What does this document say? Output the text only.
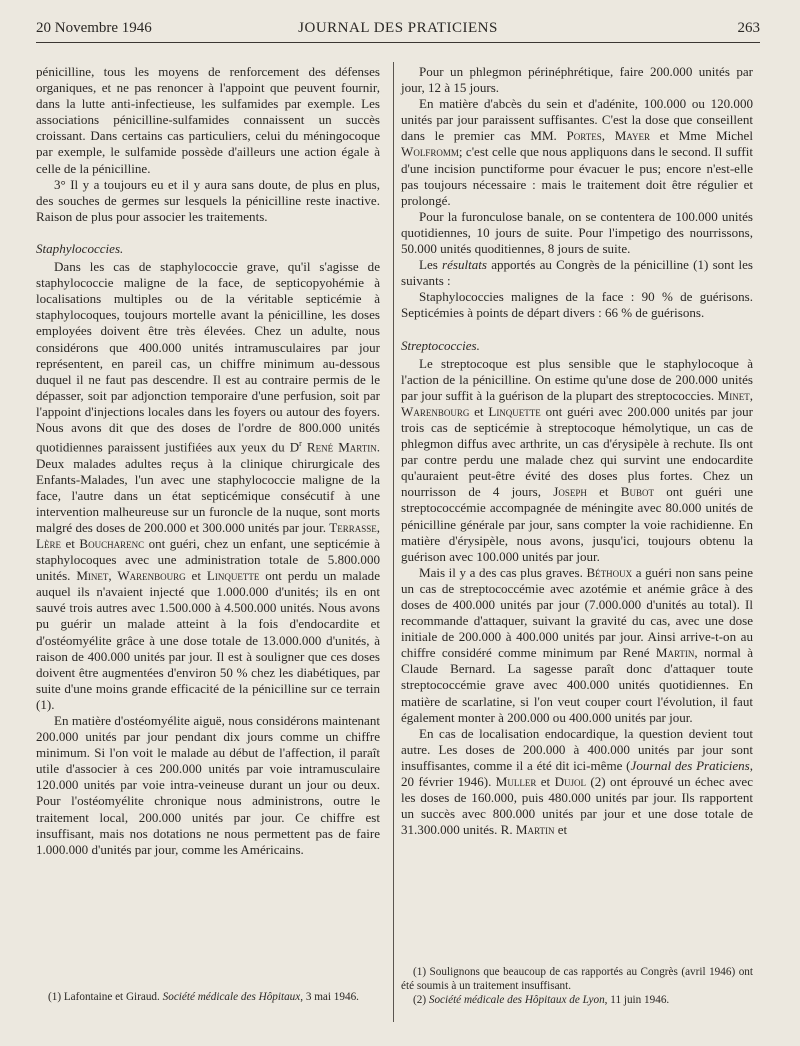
20 Novembre 1946	JOURNAL DES PRATICIENS	263

pénicilline, tous les moyens de renforcement des défenses organiques, et ne pas renoncer à l'appoint que peuvent fournir, dans la lutte anti-infectieuse, les sulfamides par exemple. Les associations pénicilline-sulfamides connaissent un succès croissant. Dans certains cas particuliers, celui du méningocoque par exemple, le sulfamide possède d'ailleurs une action égale à celle de la pénicilline.

3° Il y a toujours eu et il y aura sans doute, de plus en plus, des souches de germes sur lesquels la pénicilline reste inactive. Raison de plus pour associer les traitements.

Staphylococcies.

Dans les cas de staphylococcie grave, qu'il s'agisse de staphylococcie maligne de la face, de septicopyohémie à localisations multiples ou de la véritable septicémie à staphylocoques, toujours mortelle avant la pénicilline, les doses employées doivent être très élevées. Chez un adulte, nous considérons que 400.000 unités intramusculaires par jour représentent, en pareil cas, un chiffre minimum au-dessous duquel il ne faut pas descendre. Il est au contraire permis de le dépasser, soit par adjonction temporaire d'une perfusion, soit par l'appoint d'injections locales dans les foyers ou autour des foyers. Nous avons dit que des doses de l'ordre de 800.000 unités quotidiennes paraissent justifiées aux yeux du $D^r$ René Martin. Deux malades adultes reçus à la clinique chirurgicale des Enfants-Malades, l'un avec une staphylococcie maligne de la face, l'autre dans un état septicémique consécutif à une intervention malheureuse sur un furoncle de la nuque, sont morts malgré des doses de 200.000 et 300.000 unités par jour. Terrasse, Lère et Boucharenc ont guéri, chez un enfant, une septicémie à staphylocoques avec une administration totale de 5.800.000 unités. Minet, Warenbourg et Linquette ont perdu un malade auquel ils n'avaient injecté que 1.000.000 d'unités; ils en ont sauvé trois autres avec 1.500.000 à 4.500.000 unités. Nous avons pu guérir un malade atteint à la fois d'endocardite et d'ostéomyélite grâce à une dose totale de 13.000.000 d'unités, à raison de 400.000 unités par jour. Il est à souligner que ces doses doivent être augmentées d'environ 50 % chez les diabétiques, par suite d'une moins grande efficacité de la pénicilline sur ce terrain (1).

En matière d'ostéomyélite aiguë, nous considérons maintenant 200.000 unités par jour pendant dix jours comme un chiffre minimum. Si l'on voit le malade au début de l'affection, il paraît utile d'associer à ces 200.000 unités par voie intramusculaire 120.000 unités par voie intra-veineuse durant un jour ou deux. Pour l'ostéomyélite chronique nous administrons, outre le traitement local, 200.000 unités par jour. Ce chiffre est insuffisant, mais nos dotations ne nous permettent pas de faire 1.000.000 d'unités par jour, comme les Américains.

(1) Lafontaine et Giraud. Société médicale des Hôpitaux, 3 mai 1946.

Pour un phlegmon périnéphrétique, faire 200.000 unités par jour, 12 à 15 jours.

En matière d'abcès du sein et d'adénite, 100.000 ou 120.000 unités par jour paraissent suffisantes. C'est la dose que conseillent dans le premier cas MM. Portes, Mayer et Mme Michel Wolfromm; c'est celle que nous appliquons dans le second. Il suffit d'une incision punctiforme pour évacuer le pus; encore n'est-elle pas toujours nécessaire : mais le traitement doit être régulier et prolongé.

Pour la furonculose banale, on se contentera de 100.000 unités quotidiennes, 10 jours de suite. Pour l'impetigo des nourrissons, 50.000 unités quoditiennes, 8 jours de suite.

Les résultats apportés au Congrès de la pénicilline (1) sont les suivants :

Staphylococcies malignes de la face : 90 % de guérisons. Septicémies à points de départ divers : 66 % de guérisons.

Streptococcies.

Le streptocoque est plus sensible que le staphylocoque à l'action de la pénicilline. On estime qu'une dose de 200.000 unités par jour suffit à la guérison de la plupart des streptococcies. Minet, Warenbourg et Linquette ont guéri avec 200.000 unités par jour trois cas de septicémie à streptocoque hémolytique, un cas de phlegmon diffus avec arthrite, un cas d'érysipèle à rechute. Ils ont par contre perdu une malade chez qui survint une endocardite qu'auraient peut-être évité des doses plus fortes. Chez un nourrisson de 4 jours, Joseph et Bubot ont guéri une streptococcémie accompagnée de méningite avec 80.000 unités de pénicilline générale par jour, sans compter la voie rachidienne. En matière d'érysipèle, nous avons, jusqu'ici, toujours obtenu la guérison avec 100.000 unités par jour.

Mais il y a des cas plus graves. Béthoux a guéri non sans peine un cas de streptococcémie avec azotémie et anémie grâce à des doses de 400.000 unités par jour (7.000.000 d'unités au total). Il recommande d'attaquer, suivant la gravité du cas, avec une dose initiale de 200.000 à 400.000 unités par jour. Ainsi arrive-t-on au chiffre considéré comme minimum par René Martin, normal à Claude Bernard. La sagesse paraît donc d'attaquer toute streptococcémie grave avec 400.000 unités quotidiennes. En matière de scarlatine, si l'on veut couper court l'évolution, il faut également monter à 200.000 ou 400.000 unités par jour.

En cas de localisation endocardique, la question devient tout autre. Les doses de 200.000 à 400.000 unités par jour sont insuffisantes, comme il a été dit ici-même (Journal des Praticiens, 20 février 1946). Muller et Dujol (2) ont éprouvé un échec avec les doses de 160.000, puis 480.000 unités par jour. Ils rapportent un succès avec 800.000 unités par jour et une dose totale de 31.300.000 unités. R. Martin et

(1) Soulignons que beaucoup de cas rapportés au Congrès (avril 1946) ont été soumis à un traitement insuffisant.

(2) Société médicale des Hôpitaux de Lyon, 11 juin 1946.
